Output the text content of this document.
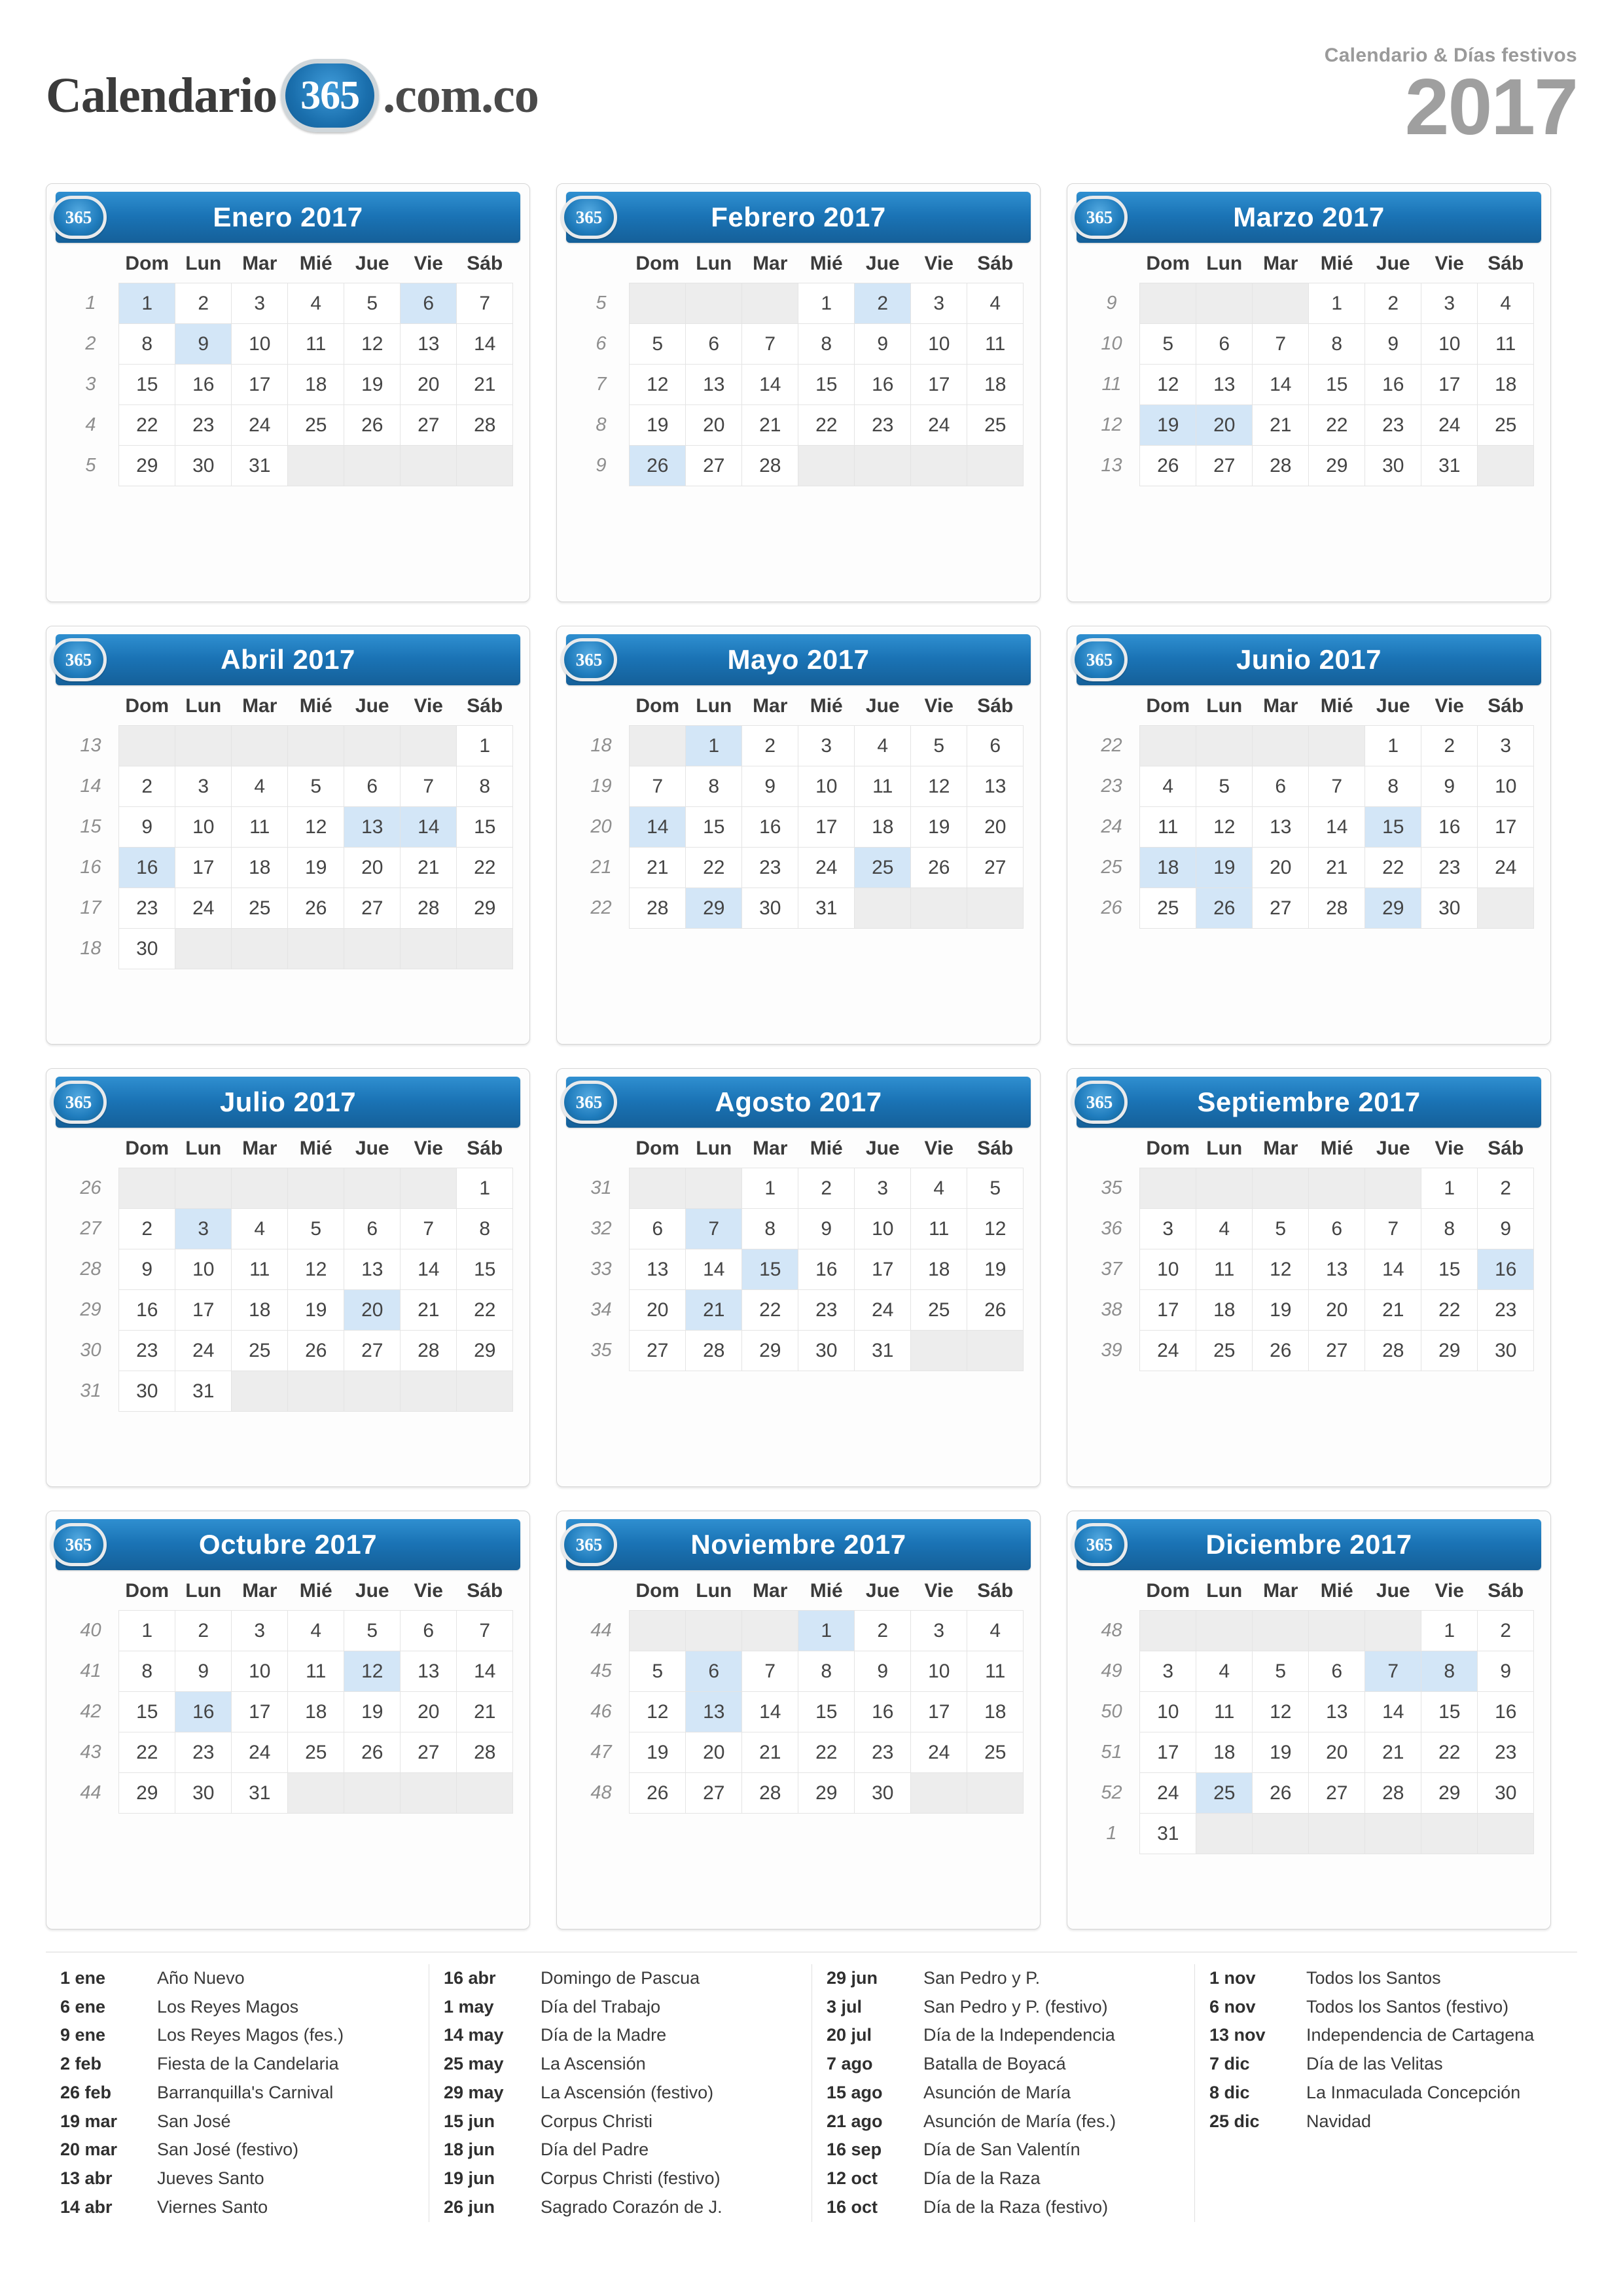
Calendario 365 .com.co
Calendario & Días festivos
2017
365	Enero 2017
	Dom	Lun	Mar	Mié	Jue	Vie	Sáb
1	1	2	3	4	5	6	7
2	8	9	10	11	12	13	14
3	15	16	17	18	19	20	21
4	22	23	24	25	26	27	28
5	29	30	31				
365	Febrero 2017
	Dom	Lun	Mar	Mié	Jue	Vie	Sáb
5				1	2	3	4
6	5	6	7	8	9	10	11
7	12	13	14	15	16	17	18
8	19	20	21	22	23	24	25
9	26	27	28				
365	Marzo 2017
	Dom	Lun	Mar	Mié	Jue	Vie	Sáb
9				1	2	3	4
10	5	6	7	8	9	10	11
11	12	13	14	15	16	17	18
12	19	20	21	22	23	24	25
13	26	27	28	29	30	31	
365	Abril 2017
	Dom	Lun	Mar	Mié	Jue	Vie	Sáb
13							1
14	2	3	4	5	6	7	8
15	9	10	11	12	13	14	15
16	16	17	18	19	20	21	22
17	23	24	25	26	27	28	29
18	30						
365	Mayo 2017
	Dom	Lun	Mar	Mié	Jue	Vie	Sáb
18		1	2	3	4	5	6
19	7	8	9	10	11	12	13
20	14	15	16	17	18	19	20
21	21	22	23	24	25	26	27
22	28	29	30	31			
365	Junio 2017
	Dom	Lun	Mar	Mié	Jue	Vie	Sáb
22					1	2	3
23	4	5	6	7	8	9	10
24	11	12	13	14	15	16	17
25	18	19	20	21	22	23	24
26	25	26	27	28	29	30	
365	Julio 2017
	Dom	Lun	Mar	Mié	Jue	Vie	Sáb
26							1
27	2	3	4	5	6	7	8
28	9	10	11	12	13	14	15
29	16	17	18	19	20	21	22
30	23	24	25	26	27	28	29
31	30	31					
365	Agosto 2017
	Dom	Lun	Mar	Mié	Jue	Vie	Sáb
31			1	2	3	4	5
32	6	7	8	9	10	11	12
33	13	14	15	16	17	18	19
34	20	21	22	23	24	25	26
35	27	28	29	30	31		
365	Septiembre 2017
	Dom	Lun	Mar	Mié	Jue	Vie	Sáb
35						1	2
36	3	4	5	6	7	8	9
37	10	11	12	13	14	15	16
38	17	18	19	20	21	22	23
39	24	25	26	27	28	29	30
365	Octubre 2017
	Dom	Lun	Mar	Mié	Jue	Vie	Sáb
40	1	2	3	4	5	6	7
41	8	9	10	11	12	13	14
42	15	16	17	18	19	20	21
43	22	23	24	25	26	27	28
44	29	30	31				
365	Noviembre 2017
	Dom	Lun	Mar	Mié	Jue	Vie	Sáb
44				1	2	3	4
45	5	6	7	8	9	10	11
46	12	13	14	15	16	17	18
47	19	20	21	22	23	24	25
48	26	27	28	29	30		
365	Diciembre 2017
	Dom	Lun	Mar	Mié	Jue	Vie	Sáb
48						1	2
49	3	4	5	6	7	8	9
50	10	11	12	13	14	15	16
51	17	18	19	20	21	22	23
52	24	25	26	27	28	29	30
1	31						
1 ene	Año Nuevo
6 ene	Los Reyes Magos
9 ene	Los Reyes Magos (fes.)
2 feb	Fiesta de la Candelaria
26 feb	Barranquilla's Carnival
19 mar	San José
20 mar	San José (festivo)
13 abr	Jueves Santo
14 abr	Viernes Santo
16 abr	Domingo de Pascua
1 may	Día del Trabajo
14 may	Día de la Madre
25 may	La Ascensión
29 may	La Ascensión (festivo)
15 jun	Corpus Christi
18 jun	Día del Padre
19 jun	Corpus Christi (festivo)
26 jun	Sagrado Corazón de J.
29 jun	San Pedro y P.
3 jul	San Pedro y P. (festivo)
20 jul	Día de la Independencia
7 ago	Batalla de Boyacá
15 ago	Asunción de María
21 ago	Asunción de María (fes.)
16 sep	Día de San Valentín
12 oct	Día de la Raza
16 oct	Día de la Raza (festivo)
1 nov	Todos los Santos
6 nov	Todos los Santos (festivo)
13 nov	Independencia de Cartagena
7 dic	Día de las Velitas
8 dic	La Inmaculada Concepción
25 dic	Navidad
